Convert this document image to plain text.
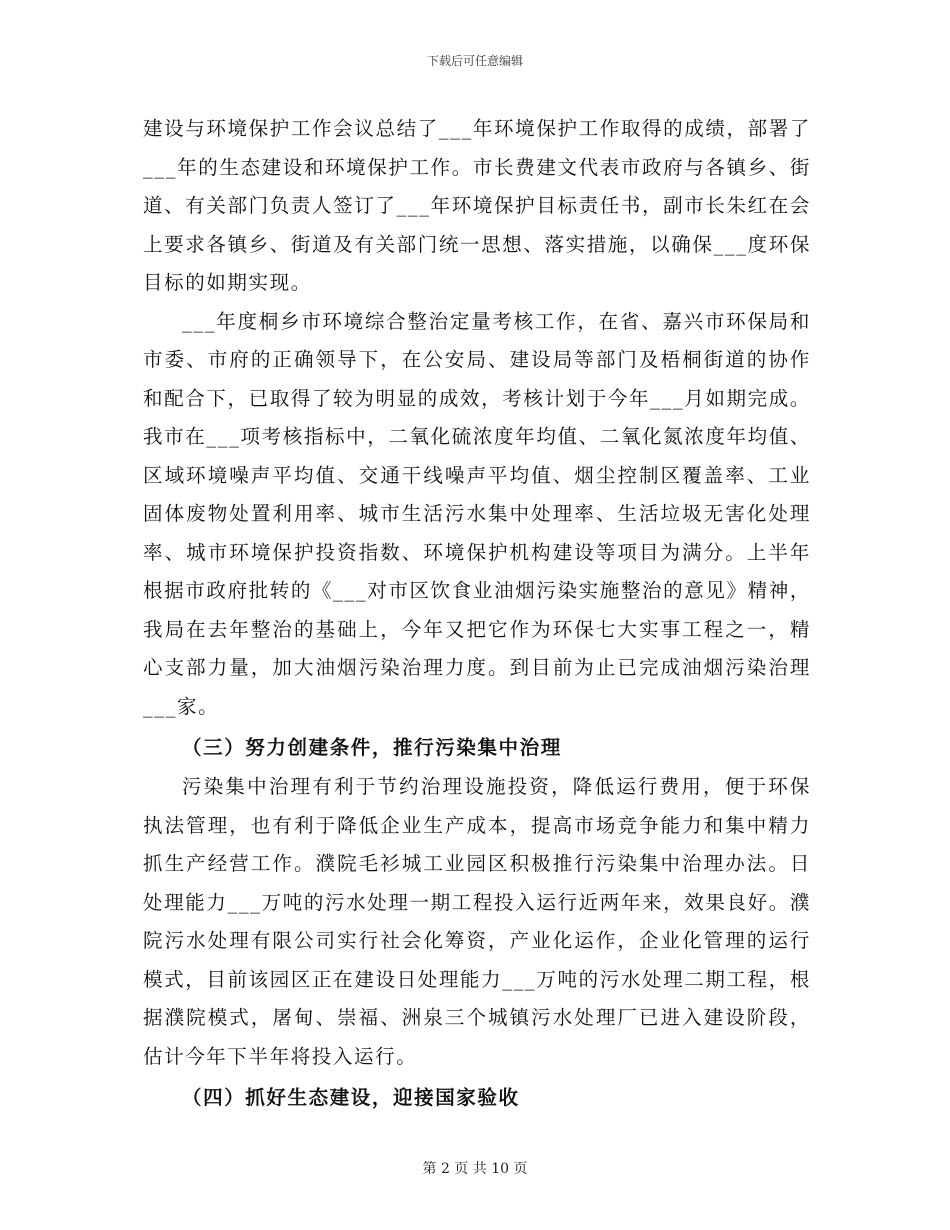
下载后可任意编辑

建设与环境保护工作会议总结了___年环境保护工作取得的成绩，部署了___年的生态建设和环境保护工作。市长费建文代表市政府与各镇乡、街道、有关部门负责人签订了___年环境保护目标责任书，副市长朱红在会上要求各镇乡、街道及有关部门统一思想、落实措施，以确保___度环保目标的如期实现。

___年度桐乡市环境综合整治定量考核工作，在省、嘉兴市环保局和市委、市府的正确领导下，在公安局、建设局等部门及梧桐街道的协作和配合下，已取得了较为明显的成效，考核计划于今年___月如期完成。我市在___项考核指标中，二氧化硫浓度年均值、二氧化氮浓度年均值、区域环境噪声平均值、交通干线噪声平均值、烟尘控制区覆盖率、工业固体废物处置利用率、城市生活污水集中处理率、生活垃圾无害化处理率、城市环境保护投资指数、环境保护机构建设等项目为满分。上半年根据市政府批转的《___对市区饮食业油烟污染实施整治的意见》精神，我局在去年整治的基础上，今年又把它作为环保七大实事工程之一，精心支部力量，加大油烟污染治理力度。到目前为止已完成油烟污染治理___家。

（三）努力创建条件，推行污染集中治理

污染集中治理有利于节约治理设施投资，降低运行费用，便于环保执法管理，也有利于降低企业生产成本，提高市场竞争能力和集中精力抓生产经营工作。濮院毛衫城工业园区积极推行污染集中治理办法。日处理能力___万吨的污水处理一期工程投入运行近两年来，效果良好。濮院污水处理有限公司实行社会化筹资，产业化运作，企业化管理的运行模式，目前该园区正在建设日处理能力___万吨的污水处理二期工程，根据濮院模式，屠甸、崇福、洲泉三个城镇污水处理厂已进入建设阶段，估计今年下半年将投入运行。

（四）抓好生态建设，迎接国家验收
第 2 页 共 10 页
